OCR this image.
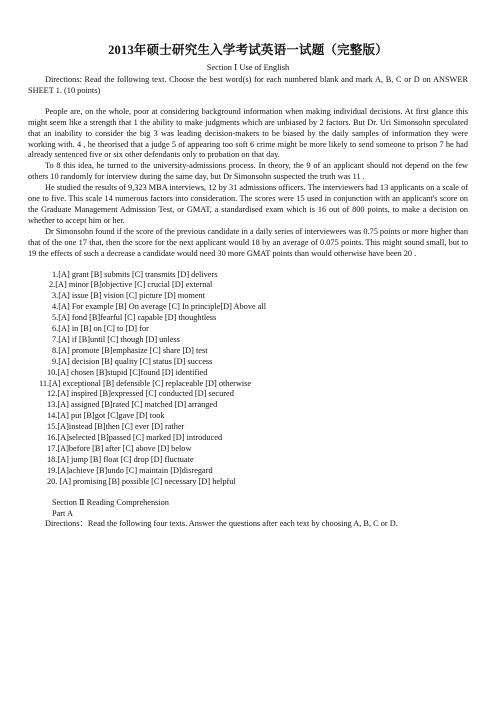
2013年硕士研究生入学考试英语一试题（完整版）
Section Ⅰ Use of English

Directions: Read the following text. Choose the best word(s) for each numbered blank and mark A, B, C or D on ANSWER SHEET 1. (10 points)

People are, on the whole, poor at considering background information when making individual decisions. At first glance this might seem like a strength that 1 the ability to make judgments which are unbiased by 2 factors. But Dr. Uri Simonsohn speculated that an inability to consider the big 3 was leading decision-makers to be biased by the daily samples of information they were working with. 4 , he theorised that a judge 5 of appearing too soft 6 crime might be more likely to send someone to prison 7 he had already sentenced five or six other defendants only to probation on that day.

To 8 this idea, he turned to the university-admissions process. In theory, the 9 of an applicant should not depend on the few others 10 randomly for interview during the same day, but Dr Simonsohn suspected the truth was 11 .

He studied the results of 9,323 MBA interviews, 12 by 31 admissions officers. The interviewers had 13 applicants on a scale of one to five. This scale 14 numerous factors into consideration. The scores were 15 used in conjunction with an applicant's score on the Graduate Management Admission Test, or GMAT, a standardised exam which is 16 out of 800 points, to make a decision on whether to accept him or her.

Dr Simonsohn found if the score of the previous candidate in a daily series of interviewees was 0.75 points or more higher than that of the one 17 that, then the score for the next applicant would 18 by an average of 0.075 points. This might sound small, but to 19 the effects of such a decrease a candidate would need 30 more GMAT points than would otherwise have been 20 .

1.[A] grant [B] submits [C] transmits [D] delivers
2.[A] minor [B]objective [C] crucial [D] external
3.[A] issue [B] vision [C] picture [D] moment
4.[A] For example [B] On average [C] In principle[D] Above all
5.[A] fond [B]fearful [C] capable [D] thoughtless
6.[A] in [B] on [C] to [D] for
7.[A] if [B]until [C] though [D] unless
8.[A] promote [B]emphasize [C] share [D] test
9.[A] decision [B] quality [C] status [D] success
10.[A] chosen [B]stupid [C]found [D] identified
11.[A] exceptional [B] defensible [C] replaceable [D] otherwise
12.[A] inspired [B]expressed [C] conducted [D] secured
13.[A] assigned [B]rated [C] matched [D] arranged
14.[A] put [B]got [C]gave [D] took
15.[A]instead [B]then [C] ever [D] rather
16.[A]selected [B]passed [C] marked [D] introduced
17.[A]before [B] after [C] above [D] below
18.[A] jump [B] float [C] drop [D] fluctuate
19.[A]achieve [B]undo [C] maintain [D]disregard
20. [A] promising [B] possible [C] necessary [D] helpful
Section Ⅱ Reading Comprehension
Part A

Directions：Read the following four texts. Answer the questions after each text by choosing A, B, C or D.
